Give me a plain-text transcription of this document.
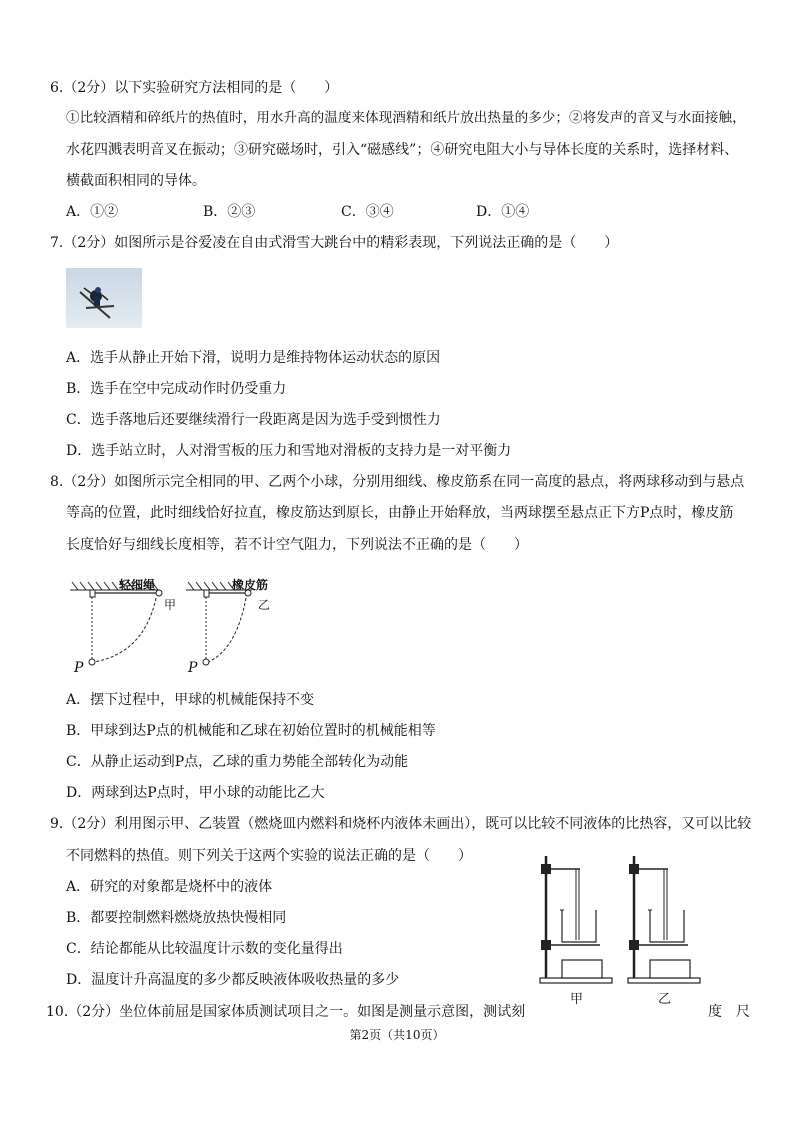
6.（2分）以下实验研究方法相同的是（　　）
①比较酒精和碎纸片的热值时，用水升高的温度来体现酒精和纸片放出热量的多少；②将发声的音叉与水面接触，
水花四溅表明音叉在振动；③研究磁场时，引入“磁感线”；④研究电阻大小与导体长度的关系时，选择材料、
横截面积相同的导体。
A．①②	B．②③	C．③④	D．①④
7.（2分）如图所示是谷爱凌在自由式滑雪大跳台中的精彩表现，下列说法正确的是（　　）
A．选手从静止开始下滑，说明力是维持物体运动状态的原因
B．选手在空中完成动作时仍受重力
C．选手落地后还要继续滑行一段距离是因为选手受到惯性力
D．选手站立时，人对滑雪板的压力和雪地对滑板的支持力是一对平衡力
8.（2分）如图所示完全相同的甲、乙两个小球，分别用细线、橡皮筋系在同一高度的悬点，将两球移动到与悬点
等高的位置，此时细线恰好拉直，橡皮筋达到原长，由静止开始释放，当两球摆至悬点正下方P点时，橡皮筋
长度恰好与细线长度相等，若不计空气阻力，下列说法不正确的是（　　）
轻细绳
甲
P
橡皮筋
乙
P
A．摆下过程中，甲球的机械能保持不变
B．甲球到达P点的机械能和乙球在初始位置时的机械能相等
C．从静止运动到P点，乙球的重力势能全部转化为动能
D．两球到达P点时，甲小球的动能比乙大
9.（2分）利用图示甲、乙装置（燃烧皿内燃料和烧杯内液体未画出），既可以比较不同液体的比热容，又可以比较
不同燃料的热值。则下列关于这两个实验的说法正确的是（　　）
A．研究的对象都是烧杯中的液体
B．都要控制燃料燃烧放热快慢相同
C．结论都能从比较温度计示数的变化量得出
D．温度计升高温度的多少都反映液体吸收热量的多少
甲	乙
10.（2分）坐位体前屈是国家体质测试项目之一。如图是测量示意图，测试刻	度　尺
第2页（共10页）
